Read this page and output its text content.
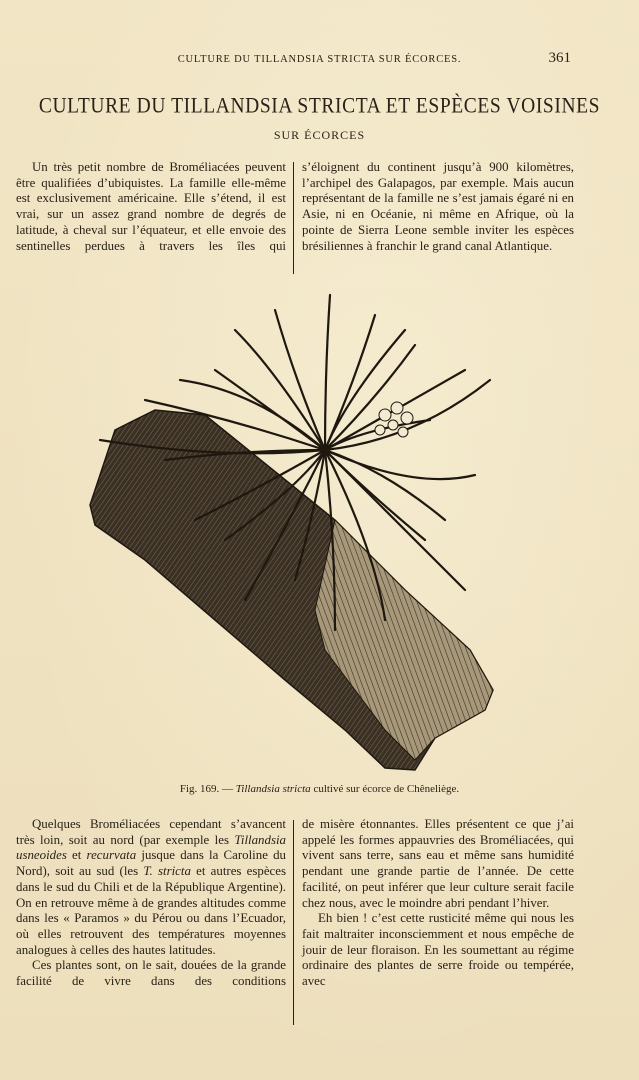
CULTURE DU TILLANDSIA STRICTA SUR ÉCORCES.	361
CULTURE DU TILLANDSIA STRICTA ET ESPÈCES VOISINES
SUR ÉCORCES

Un très petit nombre de Broméliacées peuvent être qualifiées d’ubiquistes. La famille elle-même est exclusivement américaine. Elle s’étend, il est vrai, sur un assez grand nombre de degrés de latitude, à cheval sur l’équateur, et elle envoie des sentinelles perdues à travers les îles qui

s’éloignent du continent jusqu’à 900 kilomètres, l’archipel des Galapagos, par exemple. Mais aucun représentant de la famille ne s’est jamais égaré ni en Asie, ni en Océanie, ni même en Afrique, où la pointe de Sierra Leone semble inviter les espèces brésiliennes à franchir le grand canal Atlantique.

Fig. 169. — Tillandsia stricta cultivé sur écorce de Chêneliège.

Quelques Broméliacées cependant s’avancent très loin, soit au nord (par exemple les Tillandsia usneoides et recurvata jusque dans la Caroline du Nord), soit au sud (les T. stricta et autres espèces dans le sud du Chili et de la République Argentine). On en retrouve même à de grandes altitudes comme dans les « Paramos » du Pérou ou dans l’Ecuador, où elles retrouvent des températures moyennes analogues à celles des hautes latitudes.

Ces plantes sont, on le sait, douées de la grande facilité de vivre dans des conditions

de misère étonnantes. Elles présentent ce que j’ai appelé les formes appauvries des Broméliacées, qui vivent sans terre, sans eau et même sans humidité pendant une grande partie de l’année. De cette facilité, on peut inférer que leur culture serait facile chez nous, avec le moindre abri pendant l’hiver.

Eh bien ! c’est cette rusticité même qui nous les fait maltraiter inconsciemment et nous empêche de jouir de leur floraison. En les soumettant au régime ordinaire des plantes de serre froide ou tempérée, avec
